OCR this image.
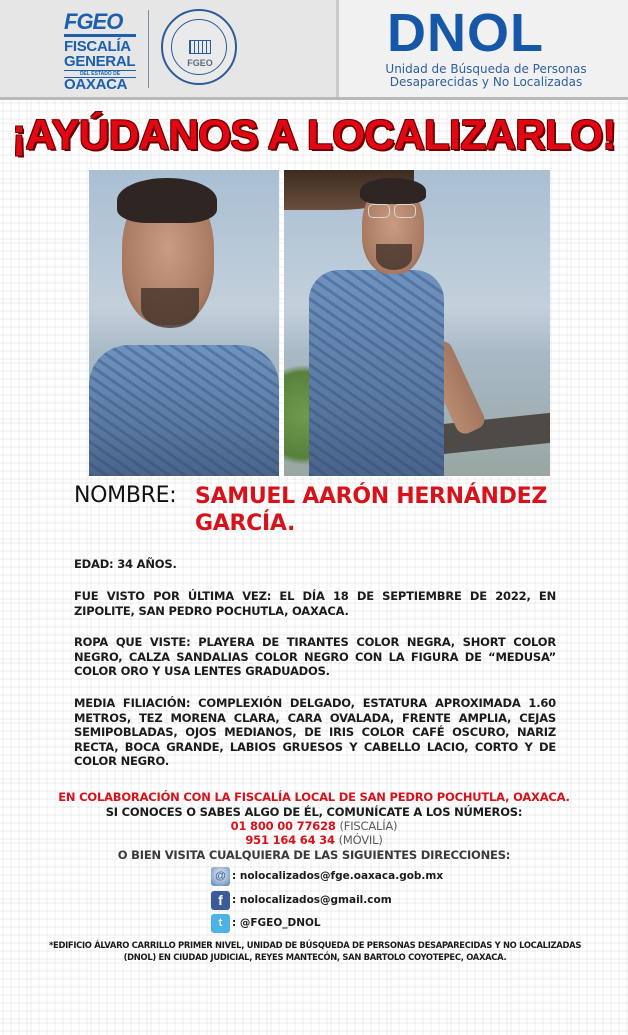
FGEO
FISCALÍA
GENERAL
DEL ESTADO DE
OAXACA
FGEO	DNOL
Unidad de Búsqueda de Personas
Desaparecidas y No Localizadas
¡AYÚDANOS A LOCALIZARLO!
NOMBRE: SAMUEL AARÓN HERNÁNDEZ
GARCÍA.
EDAD: 34 AÑOS.
FUE VISTO POR ÚLTIMA VEZ: EL DÍA 18 DE SEPTIEMBRE DE 2022, EN ZIPOLITE, SAN PEDRO POCHUTLA, OAXACA.
ROPA QUE VISTE: PLAYERA DE TIRANTES COLOR NEGRA, SHORT COLOR NEGRO, CALZA SANDALIAS COLOR NEGRO CON LA FIGURA DE “MEDUSA” COLOR ORO Y USA LENTES GRADUADOS.
MEDIA FILIACIÓN: COMPLEXIÓN DELGADO, ESTATURA APROXIMADA 1.60 METROS, TEZ MORENA CLARA, CARA OVALADA, FRENTE AMPLIA, CEJAS SEMIPOBLADAS, OJOS MEDIANOS, DE IRIS COLOR CAFÉ OSCURO, NARIZ RECTA, BOCA GRANDE, LABIOS GRUESOS Y CABELLO LACIO, CORTO Y DE COLOR NEGRO.
EN COLABORACIÓN CON LA FISCALÍA LOCAL DE SAN PEDRO POCHUTLA, OAXACA.
SI CONOCES O SABES ALGO DE ÉL, COMUNÍCATE A LOS NÚMEROS:
01 800 00 77628 (FISCALÍA)
951 164 64 34 (MÓVIL)
O BIEN VISITA CUALQUIERA DE LAS SIGUIENTES DIRECCIONES:
@ : nolocalizados@fge.oaxaca.gob.mx
f : nolocalizados@gmail.com
t : @FGEO_DNOL
*EDIFICIO ÁLVARO CARRILLO PRIMER NIVEL, UNIDAD DE BÚSQUEDA DE PERSONAS DESAPARECIDAS Y NO LOCALIZADAS (DNOL) EN CIUDAD JUDICIAL, REYES MANTECÓN, SAN BARTOLO COYOTEPEC, OAXACA.
